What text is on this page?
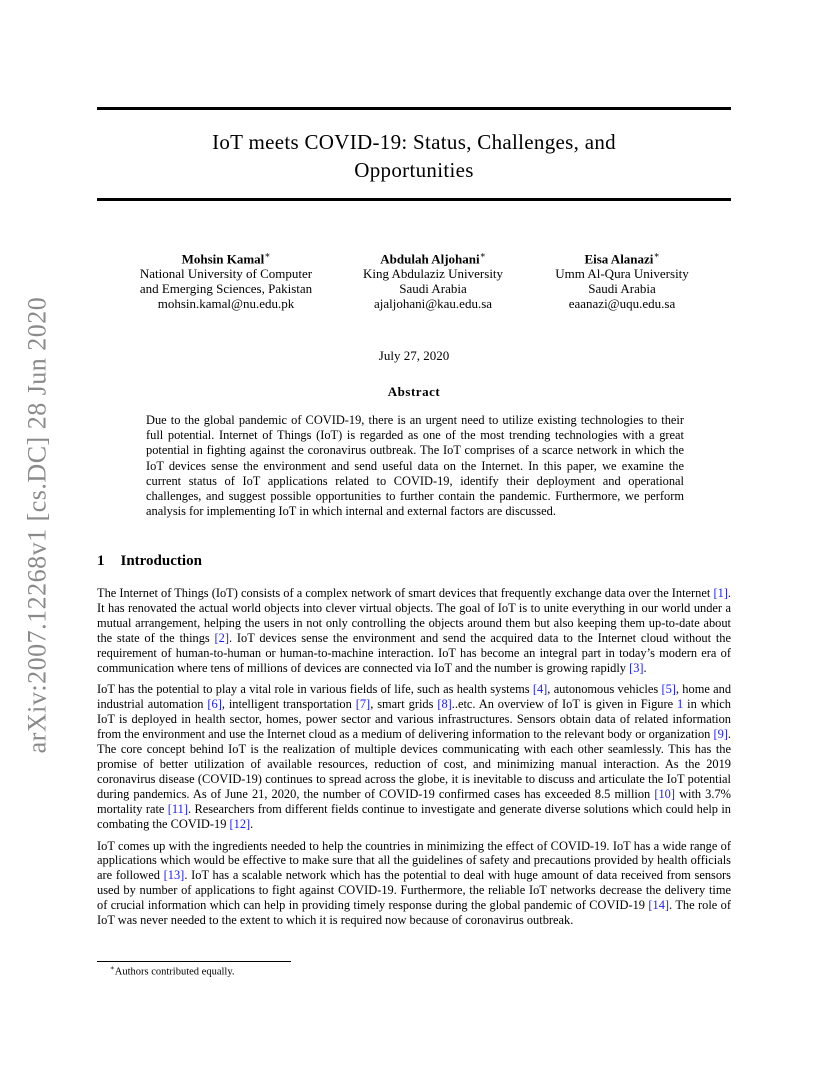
arXiv:2007.12268v1 [cs.DC] 28 Jun 2020
IoT meets COVID-19: Status, Challenges, and
Opportunities
Mohsin Kamal∗
National University of Computer
and Emerging Sciences, Pakistan
mohsin.kamal@nu.edu.pk
Abdulah Aljohani∗
King Abdulaziz University
Saudi Arabia
ajaljohani@kau.edu.sa
Eisa Alanazi∗
Umm Al-Qura University
Saudi Arabia
eaanazi@uqu.edu.sa
July 27, 2020
Abstract

Due to the global pandemic of COVID-19, there is an urgent need to utilize existing technologies to their full potential. Internet of Things (IoT) is regarded as one of the most trending technologies with a great potential in fighting against the coronavirus outbreak. The IoT comprises of a scarce network in which the IoT devices sense the environment and send useful data on the Internet. In this paper, we examine the current status of IoT applications related to COVID-19, identify their deployment and operational challenges, and suggest possible opportunities to further contain the pandemic. Furthermore, we perform analysis for implementing IoT in which internal and external factors are discussed.

1 Introduction

The Internet of Things (IoT) consists of a complex network of smart devices that frequently exchange data over the Internet [1]. It has renovated the actual world objects into clever virtual objects. The goal of IoT is to unite everything in our world under a mutual arrangement, helping the users in not only controlling the objects around them but also keeping them up-to-date about the state of the things [2]. IoT devices sense the environment and send the acquired data to the Internet cloud without the requirement of human-to-human or human-to-machine interaction. IoT has become an integral part in today’s modern era of communication where tens of millions of devices are connected via IoT and the number is growing rapidly [3].

IoT has the potential to play a vital role in various fields of life, such as health systems [4], autonomous vehicles [5], home and industrial automation [6], intelligent transportation [7], smart grids [8]..etc. An overview of IoT is given in Figure 1 in which IoT is deployed in health sector, homes, power sector and various infrastructures. Sensors obtain data of related information from the environment and use the Internet cloud as a medium of delivering information to the relevant body or organization [9]. The core concept behind IoT is the realization of multiple devices communicating with each other seamlessly. This has the promise of better utilization of available resources, reduction of cost, and minimizing manual interaction. As the 2019 coronavirus disease (COVID-19) continues to spread across the globe, it is inevitable to discuss and articulate the IoT potential during pandemics. As of June 21, 2020, the number of COVID-19 confirmed cases has exceeded 8.5 million [10] with 3.7% mortality rate [11]. Researchers from different fields continue to investigate and generate diverse solutions which could help in combating the COVID-19 [12].

IoT comes up with the ingredients needed to help the countries in minimizing the effect of COVID-19. IoT has a wide range of applications which would be effective to make sure that all the guidelines of safety and precautions provided by health officials are followed [13]. IoT has a scalable network which has the potential to deal with huge amount of data received from sensors used by number of applications to fight against COVID-19. Furthermore, the reliable IoT networks decrease the delivery time of crucial information which can help in providing timely response during the global pandemic of COVID-19 [14]. The role of IoT was never needed to the extent to which it is required now because of coronavirus outbreak.

∗Authors contributed equally.
